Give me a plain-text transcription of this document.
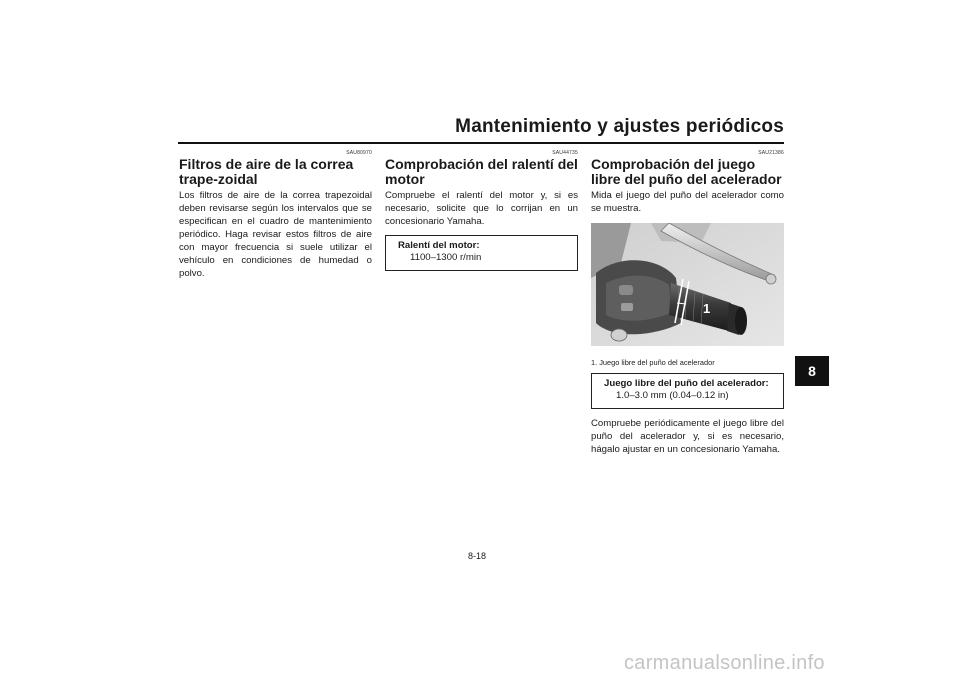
Mantenimiento y ajustes periódicos
8
SAU80970
Filtros de aire de la correa trape-zoidal

Los filtros de aire de la correa trapezoidal deben revisarse según los intervalos que se especifican en el cuadro de mantenimiento periódico. Haga revisar estos filtros de aire con mayor frecuencia si suele utilizar el vehículo en condiciones de humedad o polvo.

SAU44735
Comprobación del ralentí del motor

Compruebe el ralentí del motor y, si es necesario, solicite que lo corrijan en un concesionario Yamaha.

Ralentí del motor:
1100–1300 r/min
SAU21386
Comprobación del juego libre del puño del acelerador

Mida el juego del puño del acelerador como se muestra.

1
1. Juego libre del puño del acelerador
Juego libre del puño del acelerador:
1.0–3.0 mm (0.04–0.12 in)

Compruebe periódicamente el juego libre del puño del acelerador y, si es necesario, hágalo ajustar en un concesionario Yamaha.

8-18
carmanualsonline.info
